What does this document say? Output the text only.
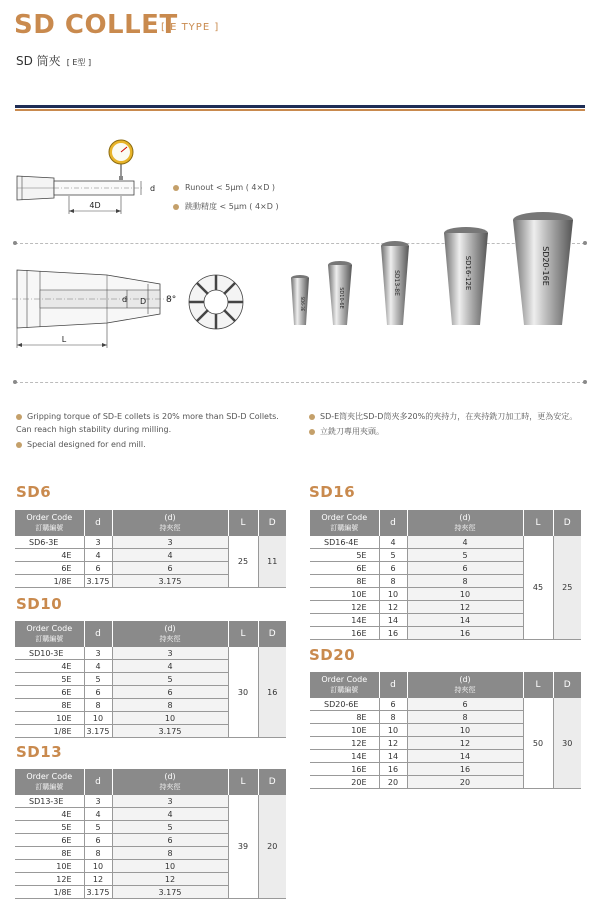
SD COLLET
[ E TYPE ]
SD 筒夾 [ E型 ]
4D
d	Runout < 5μm ( 4×D )
跳動精度 < 5μm ( 4×D )
d D 8°
L
SD6-3E	SD10-6E
SD13-8E	SD16-12E	SD20-16E
Gripping torque of SD-E collets is 20% more than SD-D Collets. Can reach high stability during milling.
Special designed for end mill.
SD-E筒夾比SD-D筒夾多20%的夾持力，在夾持銑刀加工時，更為安定。
立銑刀專用夾頭。
SD6
Order Code
訂購編號	d	(d)
持夾徑	L	D
SD6-3E	3	3	25	11
4E	4	4		
6E	6	6		
1/8E	3.175	3.175		
SD10
Order Code
訂購編號	d	(d)
持夾徑	L	D
SD10-3E	3	3	30	16
4E	4	4		
5E	5	5		
6E	6	6		
8E	8	8		
10E	10	10		
1/8E	3.175	3.175		
SD13
Order Code
訂購編號	d	(d)
持夾徑	L	D
SD13-3E	3	3	39	20
4E	4	4		
5E	5	5		
6E	6	6		
8E	8	8		
10E	10	10		
12E	12	12		
1/8E	3.175	3.175		
SD16
Order Code
訂購編號	d	(d)
持夾徑	L	D
SD16-4E	4	4	45	25
5E	5	5		
6E	6	6		
8E	8	8		
10E	10	10		
12E	12	12		
14E	14	14		
16E	16	16		
SD20
Order Code
訂購編號	d	(d)
持夾徑	L	D
SD20-6E	6	6	50	30
8E	8	8		
10E	10	10		
12E	12	12		
14E	14	14		
16E	16	16		
20E	20	20		
